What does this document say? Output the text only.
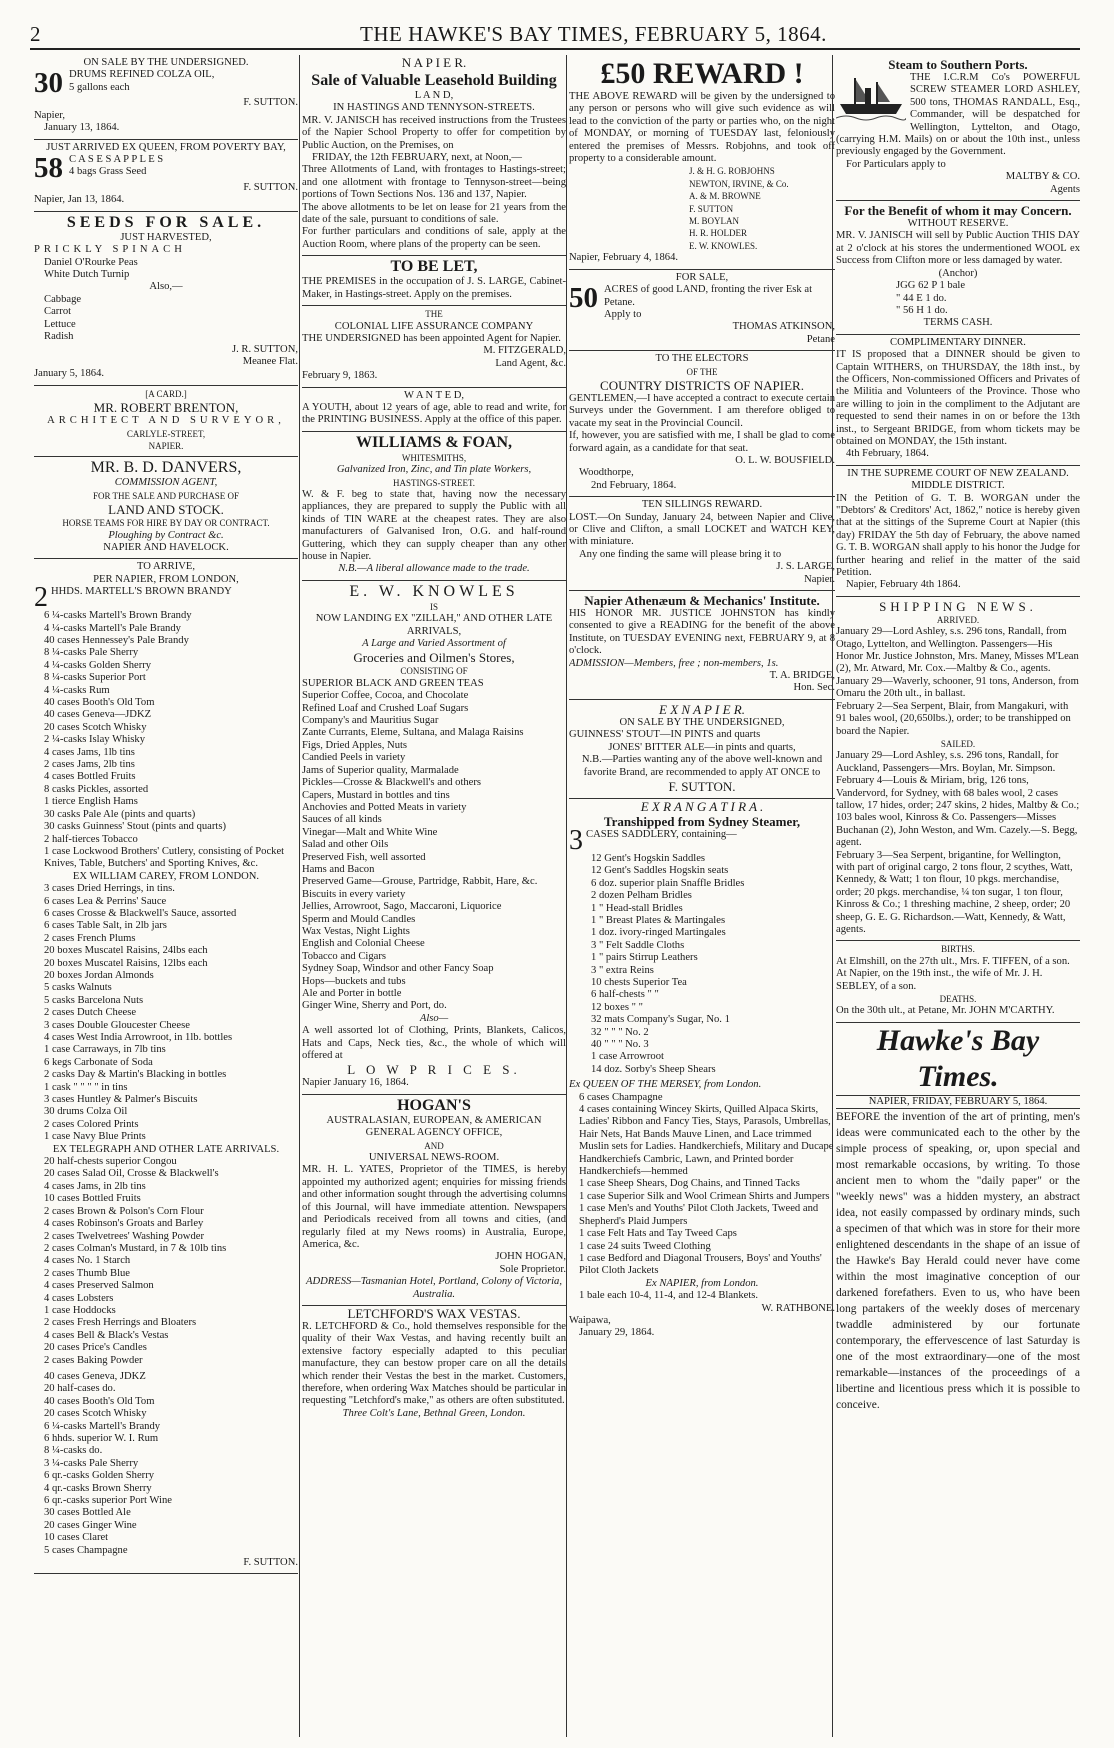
2	THE HAWKE'S BAY TIMES, FEBRUARY 5, 1864.
ON SALE BY THE UNDERSIGNED.
30 DRUMS REFINED COLZA OIL,
5 gallons each
F. SUTTON.
Napier,
January 13, 1864.
JUST ARRIVED EX QUEEN, FROM POVERTY BAY,
58 C A S E S A P P L E S
4 bags Grass Seed
F. SUTTON.
Napier, Jan 13, 1864.
SEEDS FOR SALE.
JUST HARVESTED,
PRICKLY SPINACH
Daniel O'Rourke Peas
White Dutch Turnip
Also,—
Cabbage
Carrot
Lettuce
Radish
J. R. SUTTON,
Meanee Flat.
January 5, 1864.
[A CARD.]
MR. ROBERT BRENTON,
ARCHITECT AND SURVEYOR,
CARLYLE-STREET,
NAPIER.
MR. B. D. DANVERS,
COMMISSION AGENT,
FOR THE SALE AND PURCHASE OF
LAND AND STOCK.
HORSE TEAMS FOR HIRE BY DAY OR CONTRACT.
Ploughing by Contract &c.
NAPIER AND HAVELOCK.
TO ARRIVE,
PER NAPIER, FROM LONDON,
2 HHDS. MARTELL'S BROWN BRANDY
6 ¼-casks Martell's Brown Brandy
4 ¼-casks Martell's Pale Brandy
40 cases Hennessey's Pale Brandy
8 ¼-casks Pale Sherry
4 ¼-casks Golden Sherry
8 ¼-casks Superior Port
4 ¼-casks Rum
40 cases Booth's Old Tom
40 cases Geneva—JDKZ
20 cases Scotch Whisky
2 ¼-casks Islay Whisky
4 cases Jams, 1lb tins
2 cases Jams, 2lb tins
4 cases Bottled Fruits
8 casks Pickles, assorted
1 tierce English Hams
30 casks Pale Ale (pints and quarts)
30 casks Guinness' Stout (pints and quarts)
2 half-tierces Tobacco
1 case Lockwood Brothers' Cutlery, consisting of Pocket Knives, Table, Butchers' and Sporting Knives, &c.
EX WILLIAM CAREY, FROM LONDON.
3 cases Dried Herrings, in tins.
6 cases Lea & Perrins' Sauce
6 cases Crosse & Blackwell's Sauce, assorted
6 cases Table Salt, in 2lb jars
2 cases French Plums
20 boxes Muscatel Raisins, 24lbs each
20 boxes Muscatel Raisins, 12lbs each
20 boxes Jordan Almonds
5 casks Walnuts
5 casks Barcelona Nuts
2 cases Dutch Cheese
3 cases Double Gloucester Cheese
4 cases West India Arrowroot, in 1lb. bottles
1 case Carraways, in 7lb tins
6 kegs Carbonate of Soda
2 casks Day & Martin's Blacking in bottles
1 cask " " " " in tins
3 cases Huntley & Palmer's Biscuits
30 drums Colza Oil
2 cases Colored Prints
1 case Navy Blue Prints
EX TELEGRAPH AND OTHER LATE ARRIVALS.
20 half-chests superior Congou
20 cases Salad Oil, Crosse & Blackwell's
4 cases Jams, in 2lb tins
10 cases Bottled Fruits
2 cases Brown & Polson's Corn Flour
4 cases Robinson's Groats and Barley
2 cases Twelvetrees' Washing Powder
2 cases Colman's Mustard, in 7 & 10lb tins
4 cases No. 1 Starch
2 cases Thumb Blue
4 cases Preserved Salmon
4 cases Lobsters
1 case Hoddocks
2 cases Fresh Herrings and Bloaters
4 cases Bell & Black's Vestas
20 cases Price's Candles
2 cases Baking Powder
40 cases Geneva, JDKZ
20 half-cases do.
40 cases Booth's Old Tom
20 cases Scotch Whisky
6 ¼-casks Martell's Brandy
6 hhds. superior W. I. Rum
8 ¼-casks do.
3 ¼-casks Pale Sherry
6 qr.-casks Golden Sherry
4 qr.-casks Brown Sherry
6 qr.-casks superior Port Wine
30 cases Bottled Ale
20 cases Ginger Wine
10 cases Claret
5 cases Champagne
F. SUTTON.
N A P I E R.
Sale of Valuable Leasehold Building
L A N D,
IN HASTINGS AND TENNYSON-STREETS.
MR. V. JANISCH has received instructions from the Trustees of the Napier School Property to offer for competition by Public Auction, on the Premises, on
FRIDAY, the 12th FEBRUARY, next, at Noon,—
Three Allotments of Land, with frontages to Hastings-street; and one allotment with frontage to Tennyson-street—being portions of Town Sections Nos. 136 and 137, Napier.
The above allotments to be let on lease for 21 years from the date of the sale, pursuant to conditions of sale.
For further particulars and conditions of sale, apply at the Auction Room, where plans of the property can be seen.
TO BE LET,
THE PREMISES in the occupation of J. S. LARGE, Cabinet-Maker, in Hastings-street. Apply on the premises.
THE
COLONIAL LIFE ASSURANCE COMPANY
THE UNDERSIGNED has been appointed Agent for Napier.
M. FITZGERALD,
Land Agent, &c.
February 9, 1863.
W A N T E D,
A YOUTH, about 12 years of age, able to read and write, for the PRINTING BUSINESS. Apply at the office of this paper.
WILLIAMS & FOAN,
WHITESMITHS,
Galvanized Iron, Zinc, and Tin plate Workers,
HASTINGS-STREET.
W. & F. beg to state that, having now the necessary appliances, they are prepared to supply the Public with all kinds of TIN WARE at the cheapest rates. They are also manufacturers of Galvanised Iron, O.G. and half-round Guttering, which they can supply cheaper than any other house in Napier.
N.B.—A liberal allowance made to the trade.
E. W. KNOWLES
IS
NOW LANDING EX "ZILLAH," AND OTHER LATE ARRIVALS,
A Large and Varied Assortment of
Groceries and Oilmen's Stores,
CONSISTING OF
SUPERIOR BLACK AND GREEN TEAS
Superior Coffee, Cocoa, and Chocolate
Refined Loaf and Crushed Loaf Sugars
Company's and Mauritius Sugar
Zante Currants, Eleme, Sultana, and Malaga Raisins
Figs, Dried Apples, Nuts
Candied Peels in variety
Jams of Superior quality, Marmalade
Pickles—Crosse & Blackwell's and others
Capers, Mustard in bottles and tins
Anchovies and Potted Meats in variety
Sauces of all kinds
Vinegar—Malt and White Wine
Salad and other Oils
Preserved Fish, well assorted
Hams and Bacon
Preserved Game—Grouse, Partridge, Rabbit, Hare, &c.
Biscuits in every variety
Jellies, Arrowroot, Sago, Maccaroni, Liquorice
Sperm and Mould Candles
Wax Vestas, Night Lights
English and Colonial Cheese
Tobacco and Cigars
Sydney Soap, Windsor and other Fancy Soap
Hops—buckets and tubs
Ale and Porter in bottle
Ginger Wine, Sherry and Port, do.
Also—
A well assorted lot of Clothing, Prints, Blankets, Calicos, Hats and Caps, Neck ties, &c., the whole of which will offered at
L O W P R I C E S.
Napier January 16, 1864.
HOGAN'S
AUSTRALASIAN, EUROPEAN, & AMERICAN GENERAL AGENCY OFFICE,
AND
UNIVERSAL NEWS-ROOM.
MR. H. L. YATES, Proprietor of the TIMES, is hereby appointed my authorized agent; enquiries for missing friends and other information sought through the advertising columns of this Journal, will have immediate attention. Newspapers and Periodicals received from all towns and cities, (and regularly filed at my News rooms) in Australia, Europe, America, &c.
JOHN HOGAN,
Sole Proprietor.
ADDRESS—Tasmanian Hotel, Portland, Colony of Victoria, Australia.
LETCHFORD'S WAX VESTAS.
R. LETCHFORD & Co., hold themselves responsible for the quality of their Wax Vestas, and having recently built an extensive factory especially adapted to this peculiar manufacture, they can bestow proper care on all the details which render their Vestas the best in the market. Customers, therefore, when ordering Wax Matches should be particular in requesting "Letchford's make," as others are often substituted.
Three Colt's Lane, Bethnal Green, London.
£50 REWARD !
THE ABOVE REWARD will be given by the undersigned to any person or persons who will give such evidence as will lead to the conviction of the party or parties who, on the night of MONDAY, or morning of TUESDAY last, feloniously entered the premises of Messrs. Robjohns, and took off property to a considerable amount.
J. & H. G. ROBJOHNS
NEWTON, IRVINE, & Co.
A. & M. BROWNE
F. SUTTON
M. BOYLAN
H. R. HOLDER
E. W. KNOWLES.
Napier, February 4, 1864.
FOR SALE,
50 ACRES of good LAND, fronting the river Esk at Petane.
Apply to
THOMAS ATKINSON,
Petane
TO THE ELECTORS
OF THE
COUNTRY DISTRICTS OF NAPIER.
GENTLEMEN,—I have accepted a contract to execute certain Surveys under the Government. I am therefore obliged to vacate my seat in the Provincial Council.
If, however, you are satisfied with me, I shall be glad to come forward again, as a candidate for that seat.
O. L. W. BOUSFIELD.
Woodthorpe,
2nd February, 1864.
TEN SILLINGS REWARD.
LOST.—On Sunday, January 24, between Napier and Clive, or Clive and Clifton, a small LOCKET and WATCH KEY, with miniature.
Any one finding the same will please bring it to
J. S. LARGE,
Napier.
Napier Athenæum & Mechanics' Institute.
HIS HONOR MR. JUSTICE JOHNSTON has kindly consented to give a READING for the benefit of the above Institute, on TUESDAY EVENING next, FEBRUARY 9, at 8 o'clock.
ADMISSION—Members, free ; non-members, 1s.
T. A. BRIDGE,
Hon. Sec.
E X N A P I E R.
ON SALE BY THE UNDERSIGNED,
GUINNESS' STOUT—IN PINTS and quarts
JONES' BITTER ALE—in pints and quarts,
N.B.—Parties wanting any of the above well-known and favorite Brand, are recommended to apply AT ONCE to
F. SUTTON.
E X R A N G A T I R A .
Transhipped from Sydney Steamer,
3 CASES SADDLERY, containing—
12 Gent's Hogskin Saddles
12 Gent's Saddles Hogskin seats
6 doz. superior plain Snaffle Bridles
2 dozen Pelham Bridles
1 " Head-stall Bridles
1 " Breast Plates & Martingales
1 doz. ivory-ringed Martingales
3 " Felt Saddle Cloths
1 " pairs Stirrup Leathers
3 " extra Reins
10 chests Superior Tea
6 half-chests " "
12 boxes " "
32 mats Company's Sugar, No. 1
32 " " " No. 2
40 " " " No. 3
1 case Arrowroot
14 doz. Sorby's Sheep Shears
Ex QUEEN OF THE MERSEY, from London.
6 cases Champagne
4 cases containing Wincey Skirts, Quilled Alpaca Skirts, Ladies' Ribbon and Fancy Ties, Stays, Parasols, Umbrellas, Hair Nets, Hat Bands Mauve Linen, and Lace trimmed Muslin sets for Ladies. Handkerchiefs, Military and Ducape Handkerchiefs Cambric, Lawn, and Printed border Handkerchiefs—hemmed
1 case Sheep Shears, Dog Chains, and Tinned Tacks
1 case Superior Silk and Wool Crimean Shirts and Jumpers
1 case Men's and Youths' Pilot Cloth Jackets, Tweed and Shepherd's Plaid Jumpers
1 case Felt Hats and Tay Tweed Caps
1 case 24 suits Tweed Clothing
1 case Bedford and Diagonal Trousers, Boys' and Youths' Pilot Cloth Jackets
Ex NAPIER, from London.
1 bale each 10-4, 11-4, and 12-4 Blankets.
W. RATHBONE.
Waipawa,
January 29, 1864.
Steam to Southern Ports.
THE I.C.R.M Co's POWERFUL SCREW STEAMER LORD ASHLEY, 500 tons, THOMAS RANDALL, Esq., Commander, will be despatched for Wellington, Lyttelton, and Otago, (carrying H.M. Mails) on or about the 10th inst., unless previously engaged by the Government.
For Particulars apply to
MALTBY & CO.
Agents
For the Benefit of whom it may Concern.
WITHOUT RESERVE.
MR. V. JANISCH will sell by Public Auction THIS DAY at 2 o'clock at his stores the undermentioned WOOL ex Success from Clifton more or less damaged by water.
(Anchor)
JGG 62 P 1 bale
" 44 E 1 do.
" 56 H 1 do.
TERMS CASH.
COMPLIMENTARY DINNER.
IT IS proposed that a DINNER should be given to Captain WITHERS, on THURSDAY, the 18th inst., by the Officers, Non-commissioned Officers and Privates of the Militia and Volunteers of the Province. Those who are willing to join in the compliment to the Adjutant are requested to send their names in on or before the 13th inst., to Sergeant BRIDGE, from whom tickets may be obtained on MONDAY, the 15th instant.
4th February, 1864.
IN THE SUPREME COURT OF NEW ZEALAND.
MIDDLE DISTRICT.
IN the Petition of G. T. B. WORGAN under the "Debtors' & Creditors' Act, 1862," notice is hereby given that at the sittings of the Supreme Court at Napier (this day) FRIDAY the 5th day of February, the above named G. T. B. WORGAN shall apply to his honor the Judge for further hearing and relief in the matter of the said Petition.
Napier, February 4th 1864.
SHIPPING NEWS.
ARRIVED.
January 29—Lord Ashley, s.s. 296 tons, Randall, from Otago, Lyttelton, and Wellington. Passengers—His Honor Mr. Justice Johnston, Mrs. Maney, Misses M'Lean (2), Mr. Atward, Mr. Cox.—Maltby & Co., agents.
January 29—Waverly, schooner, 91 tons, Anderson, from Omaru the 20th ult., in ballast.
February 2—Sea Serpent, Blair, from Mangakuri, with 91 bales wool, (20,650lbs.), order; to be transhipped on board the Napier.
SAILED.
January 29—Lord Ashley, s.s. 296 tons, Randall, for Auckland, Passengers—Mrs. Boylan, Mr. Simpson.
February 4—Louis & Miriam, brig, 126 tons, Vandervord, for Sydney, with 68 bales wool, 2 cases tallow, 17 hides, order; 247 skins, 2 hides, Maltby & Co.; 103 bales wool, Kinross & Co. Passengers—Misses Buchanan (2), John Weston, and Wm. Cazely.—S. Begg, agent.
February 3—Sea Serpent, brigantine, for Wellington, with part of original cargo, 2 tons flour, 2 scythes, Watt, Kennedy, & Watt; 1 ton flour, 10 pkgs. merchandise, order; 20 pkgs. merchandise, ¼ ton sugar, 1 ton flour, Kinross & Co.; 1 threshing machine, 2 sheep, order; 20 sheep, G. E. G. Richardson.—Watt, Kennedy, & Watt, agents.
BIRTHS.
At Elmshill, on the 27th ult., Mrs. F. TIFFEN, of a son.
At Napier, on the 19th inst., the wife of Mr. J. H. SEBLEY, of a son.
DEATHS.
On the 30th ult., at Petane, Mr. JOHN M'CARTHY.
Hawke's Bay Times.
NAPIER, FRIDAY, FEBRUARY 5, 1864.
BEFORE the invention of the art of printing, men's ideas were communicated each to the other by the simple process of speaking, or, upon special and most remarkable occasions, by writing. To those ancient men to whom the "daily paper" or the "weekly news" was a hidden mystery, an abstract idea, not easily compassed by ordinary minds, such a specimen of that which was in store for their more enlightened descendants in the shape of an issue of the Hawke's Bay Herald could never have come within the most imaginative conception of our darkened forefathers. Even to us, who have been long partakers of the weekly doses of mercenary twaddle administered by our fortunate contemporary, the effervescence of last Saturday is one of the most extraordinary—one of the most remarkable—instances of the proceedings of a libertine and licentious press which it is possible to conceive.
